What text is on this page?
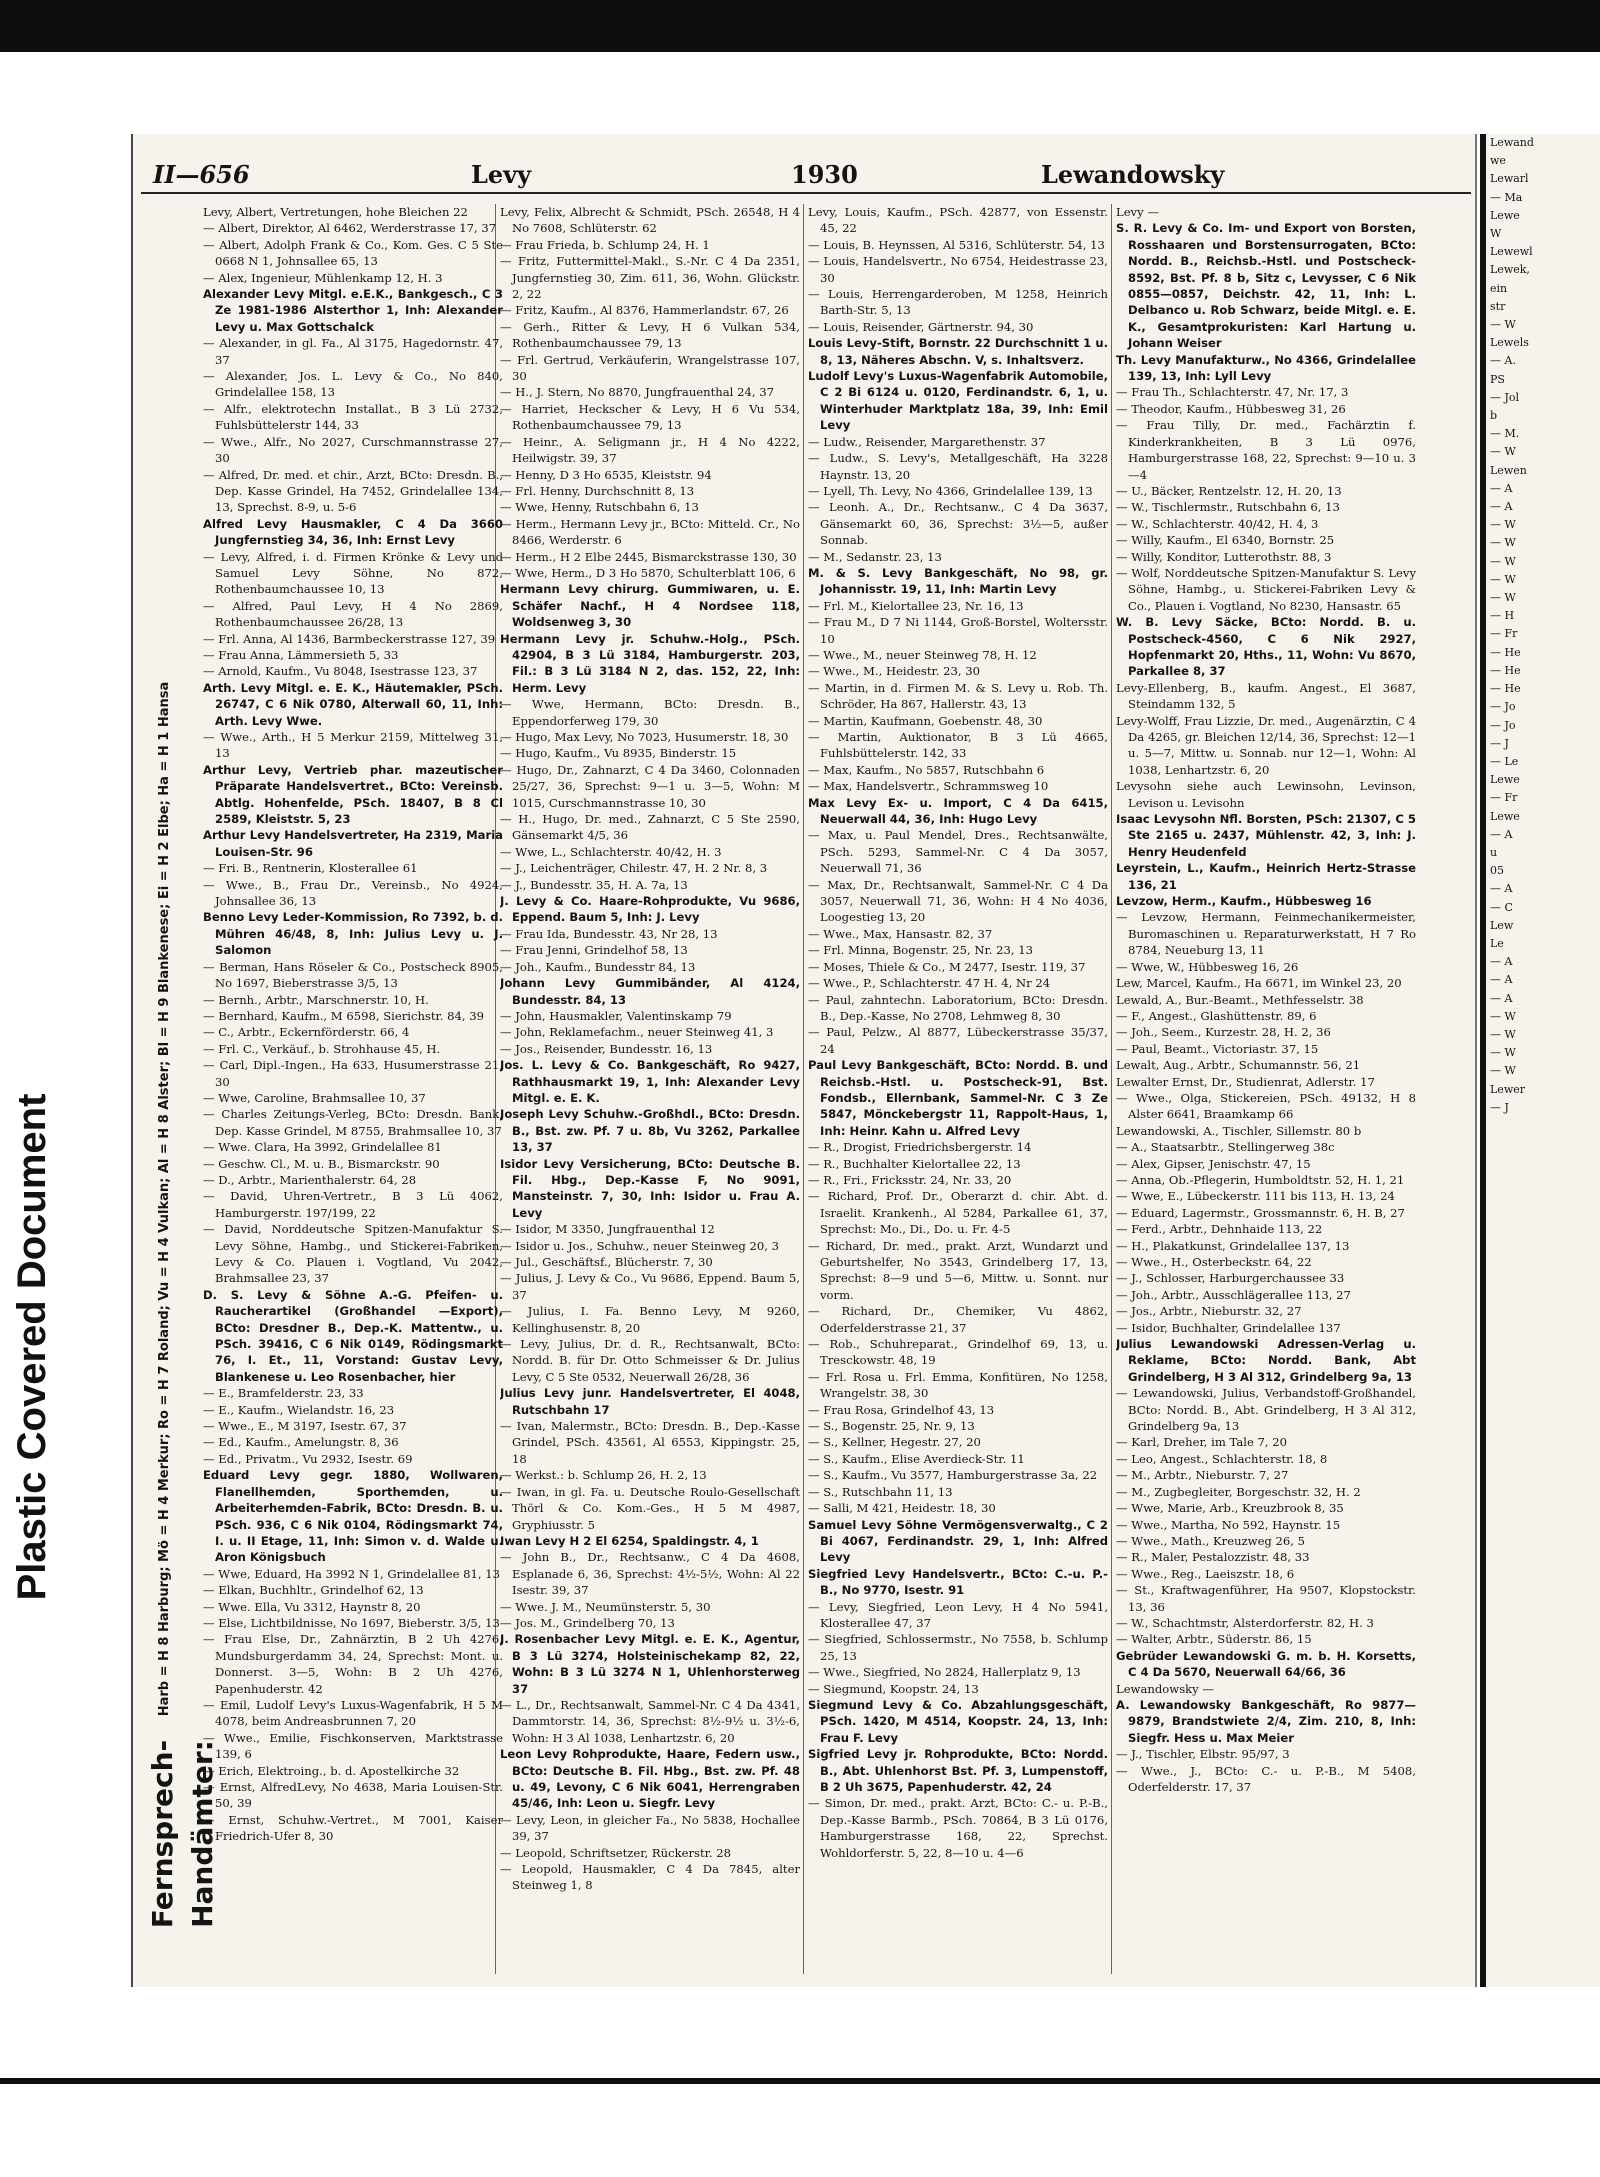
Plastic Covered Document
II—656	Levy	1930	Lewandowsky
Harb = H 8 Harburg; Mö = H 4 Merkur; Ro = H 7 Roland; Vu = H 4 Vulkan; Al = H 8 Alster; Bl = H 9 Blankenese; Ei = H 2 Elbe; Ha = H 1 Hansa
Fernsprech-Handämter:

Levy, Albert, Vertretungen, hohe Bleichen 22

— Albert, Direktor, Al 6462, Werderstrasse 17, 37

— Albert, Adolph Frank & Co., Kom. Ges. C 5 Ste 0668 N 1, Johnsallee 65, 13

— Alex, Ingenieur, Mühlenkamp 12, H. 3

Alexander Levy Mitgl. e.E.K., Bankgesch., C 3 Ze 1981-1986 Alsterthor 1, Inh: Alexander Levy u. Max Gottschalck

— Alexander, in gl. Fa., Al 3175, Hagedornstr. 47, 37

— Alexander, Jos. L. Levy & Co., No 840, Grindelallee 158, 13

— Alfr., elektrotechn Installat., B 3 Lü 2732, Fuhlsbüttelerstr 144, 33

— Wwe., Alfr., No 2027, Curschmannstrasse 27, 30

— Alfred, Dr. med. et chir., Arzt, BCto: Dresdn. B., Dep. Kasse Grindel, Ha 7452, Grindelallee 134, 13, Sprechst. 8-9, u. 5-6

Alfred Levy Hausmakler, C 4 Da 3660 Jungfernstieg 34, 36, Inh: Ernst Levy

— Levy, Alfred, i. d. Firmen Krönke & Levy und Samuel Levy Söhne, No 872, Rothenbaumchaussee 10, 13

— Alfred, Paul Levy, H 4 No 2869, Rothenbaumchaussee 26/28, 13

— Frl. Anna, Al 1436, Barmbeckerstrasse 127, 39

— Frau Anna, Lämmersieth 5, 33

— Arnold, Kaufm., Vu 8048, Isestrasse 123, 37

Arth. Levy Mitgl. e. E. K., Häutemakler, PSch. 26747, C 6 Nik 0780, Alterwall 60, 11, Inh: Arth. Levy Wwe.

— Wwe., Arth., H 5 Merkur 2159, Mittelweg 31, 13

Arthur Levy, Vertrieb phar. mazeutischer Präparate Handelsvertret., BCto: Vereinsb. Abtlg. Hohenfelde, PSch. 18407, B 8 Cl 2589, Kleiststr. 5, 23

Arthur Levy Handelsvertreter, Ha 2319, Maria Louisen-Str. 96

— Fri. B., Rentnerin, Klosterallee 61

— Wwe., B., Frau Dr., Vereinsb., No 4924, Johnsallee 36, 13

Benno Levy Leder-Kommission, Ro 7392, b. d. Mühren 46/48, 8, Inh: Julius Levy u. J. Salomon

— Berman, Hans Röseler & Co., Postscheck 8905, No 1697, Bieberstrasse 3/5, 13

— Bernh., Arbtr., Marschnerstr. 10, H.

— Bernhard, Kaufm., M 6598, Sierichstr. 84, 39

— C., Arbtr., Eckernförderstr. 66, 4

— Frl. C., Verkäuf., b. Strohhause 45, H.

— Carl, Dipl.-Ingen., Ha 633, Husumerstrasse 21, 30

— Wwe, Caroline, Brahmsallee 10, 37

— Charles Zeitungs-Verleg, BCto: Dresdn. Bank, Dep. Kasse Grindel, M 8755, Brahmsallee 10, 37

— Wwe. Clara, Ha 3992, Grindelallee 81

— Geschw. Cl., M. u. B., Bismarckstr. 90

— D., Arbtr., Marienthalerstr. 64, 28

— David, Uhren-Vertretr., B 3 Lü 4062, Hamburgerstr. 197/199, 22

— David, Norddeutsche Spitzen-Manufaktur S. Levy Söhne, Hambg., und Stickerei-Fabriken, Levy & Co. Plauen i. Vogtland, Vu 2042, Brahmsallee 23, 37

D. S. Levy & Söhne A.-G. Pfeifen- u. Raucherartikel (Großhandel —Export), BCto: Dresdner B., Dep.-K. Mattentw., u. PSch. 39416, C 6 Nik 0149, Rödingsmarkt 76, I. Et., 11, Vorstand: Gustav Levy, Blankenese u. Leo Rosenbacher, hier

— E., Bramfelderstr. 23, 33

— E., Kaufm., Wielandstr. 16, 23

— Wwe., E., M 3197, Isestr. 67, 37

— Ed., Kaufm., Amelungstr. 8, 36

— Ed., Privatm., Vu 2932, Isestr. 69

Eduard Levy gegr. 1880, Wollwaren, Flanellhemden, Sporthemden, u. Arbeiterhemden-Fabrik, BCto: Dresdn. B. u. PSch. 936, C 6 Nik 0104, Rödingsmarkt 74, I. u. II Etage, 11, Inh: Simon v. d. Walde u. Aron Königsbuch

— Wwe, Eduard, Ha 3992 N 1, Grindelallee 81, 13

— Elkan, Buchhltr., Grindelhof 62, 13

— Wwe. Ella, Vu 3312, Haynstr 8, 20

— Else, Lichtbildnisse, No 1697, Bieberstr. 3/5, 13

— Frau Else, Dr., Zahnärztin, B 2 Uh 4276, Mundsburgerdamm 34, 24, Sprechst: Mont. u. Donnerst. 3—5, Wohn: B 2 Uh 4276, Papenhuderstr. 42

— Emil, Ludolf Levy's Luxus-Wagenfabrik, H 5 M 4078, beim Andreasbrunnen 7, 20

— Wwe., Emilie, Fischkonserven, Marktstrasse 139, 6

— Erich, Elektroing., b. d. Apostelkirche 32

— Ernst, AlfredLevy, No 4638, Maria Louisen-Str. 50, 39

— Ernst, Schuhw.-Vertret., M 7001, Kaiser Friedrich-Ufer 8, 30

Levy, Felix, Albrecht & Schmidt, PSch. 26548, H 4 No 7608, Schlüterstr. 62

— Frau Frieda, b. Schlump 24, H. 1

— Fritz, Futtermittel-Makl., S.-Nr. C 4 Da 2351, Jungfernstieg 30, Zim. 611, 36, Wohn. Glückstr. 2, 22

— Fritz, Kaufm., Al 8376, Hammerlandstr. 67, 26

— Gerh., Ritter & Levy, H 6 Vulkan 534, Rothenbaumchaussee 79, 13

— Frl. Gertrud, Verkäuferin, Wrangelstrasse 107, 30

— H., J. Stern, No 8870, Jungfrauenthal 24, 37

— Harriet, Heckscher & Levy, H 6 Vu 534, Rothenbaumchaussee 79, 13

— Heinr., A. Seligmann jr., H 4 No 4222, Heilwigstr. 39, 37

— Henny, D 3 Ho 6535, Kleiststr. 94

— Frl. Henny, Durchschnitt 8, 13

— Wwe, Henny, Rutschbahn 6, 13

— Herm., Hermann Levy jr., BCto: Mitteld. Cr., No 8466, Werderstr. 6

— Herm., H 2 Elbe 2445, Bismarckstrasse 130, 30

— Wwe, Herm., D 3 Ho 5870, Schulterblatt 106, 6

Hermann Levy chirurg. Gummiwaren, u. E. Schäfer Nachf., H 4 Nordsee 118, Woldsenweg 3, 30

Hermann Levy jr. Schuhw.-Holg., PSch. 42904, B 3 Lü 3184, Hamburgerstr. 203, Fil.: B 3 Lü 3184 N 2, das. 152, 22, Inh: Herm. Levy

— Wwe, Hermann, BCto: Dresdn. B., Eppendorferweg 179, 30

— Hugo, Max Levy, No 7023, Husumerstr. 18, 30

— Hugo, Kaufm., Vu 8935, Binderstr. 15

— Hugo, Dr., Zahnarzt, C 4 Da 3460, Colonnaden 25/27, 36, Sprechst: 9—1 u. 3—5, Wohn: M 1015, Curschmannstrasse 10, 30

— H., Hugo, Dr. med., Zahnarzt, C 5 Ste 2590, Gänsemarkt 4/5, 36

— Wwe, L., Schlachterstr. 40/42, H. 3

— J., Leichenträger, Chilestr. 47, H. 2 Nr. 8, 3

— J., Bundesstr. 35, H. A. 7a, 13

J. Levy & Co. Haare-Rohprodukte, Vu 9686, Eppend. Baum 5, Inh: J. Levy

— Frau Ida, Bundesstr. 43, Nr 28, 13

— Frau Jenni, Grindelhof 58, 13

— Joh., Kaufm., Bundesstr 84, 13

Johann Levy Gummibänder, Al 4124, Bundesstr. 84, 13

— John, Hausmakler, Valentinskamp 79

— John, Reklamefachm., neuer Steinweg 41, 3

— Jos., Reisender, Bundesstr. 16, 13

Jos. L. Levy & Co. Bankgeschäft, Ro 9427, Rathhausmarkt 19, 1, Inh: Alexander Levy Mitgl. e. E. K.

Joseph Levy Schuhw.-Großhdl., BCto: Dresdn. B., Bst. zw. Pf. 7 u. 8b, Vu 3262, Parkallee 13, 37

Isidor Levy Versicherung, BCto: Deutsche B. Fil. Hbg., Dep.-Kasse F, No 9091, Mansteinstr. 7, 30, Inh: Isidor u. Frau A. Levy

— Isidor, M 3350, Jungfrauenthal 12

— Isidor u. Jos., Schuhw., neuer Steinweg 20, 3

— Jul., Geschäftsf., Blücherstr. 7, 30

— Julius, J. Levy & Co., Vu 9686, Eppend. Baum 5, 37

— Julius, I. Fa. Benno Levy, M 9260, Kellinghusenstr. 8, 20

— Levy, Julius, Dr. d. R., Rechtsanwalt, BCto: Nordd. B. für Dr. Otto Schmeisser & Dr. Julius Levy, C 5 Ste 0532, Neuerwall 26/28, 36

Julius Levy junr. Handelsvertreter, El 4048, Rutschbahn 17

— Ivan, Malermstr., BCto: Dresdn. B., Dep.-Kasse Grindel, PSch. 43561, Al 6553, Kippingstr. 25, 18

— Werkst.: b. Schlump 26, H. 2, 13

— Iwan, in gl. Fa. u. Deutsche Roulo-Gesellschaft Thörl & Co. Kom.-Ges., H 5 M 4987, Gryphiusstr. 5

Iwan Levy H 2 El 6254, Spaldingstr. 4, 1

— John B., Dr., Rechtsanw., C 4 Da 4608, Esplanade 6, 36, Sprechst: 4½-5½, Wohn: Al 22 Isestr. 39, 37

— Wwe. J. M., Neumünsterstr. 5, 30

— Jos. M., Grindelberg 70, 13

J. Rosenbacher Levy Mitgl. e. E. K., Agentur, B 3 Lü 3274, Holsteinischekamp 82, 22, Wohn: B 3 Lü 3274 N 1, Uhlenhorsterweg 37

— L., Dr., Rechtsanwalt, Sammel-Nr. C 4 Da 4341, Dammtorstr. 14, 36, Sprechst: 8½-9½ u. 3½-6, Wohn: H 3 Al 1038, Lenhartzstr. 6, 20

Leon Levy Rohprodukte, Haare, Federn usw., BCto: Deutsche B. Fil. Hbg., Bst. zw. Pf. 48 u. 49, Levony, C 6 Nik 6041, Herrengraben 45/46, Inh: Leon u. Siegfr. Levy

— Levy, Leon, in gleicher Fa., No 5838, Hochallee 39, 37

— Leopold, Schriftsetzer, Rückerstr. 28

— Leopold, Hausmakler, C 4 Da 7845, alter Steinweg 1, 8

Levy, Louis, Kaufm., PSch. 42877, von Essenstr. 45, 22

— Louis, B. Heynssen, Al 5316, Schlüterstr. 54, 13

— Louis, Handelsvertr., No 6754, Heidestrasse 23, 30

— Louis, Herrengarderoben, M 1258, Heinrich Barth-Str. 5, 13

— Louis, Reisender, Gärtnerstr. 94, 30

Louis Levy-Stift, Bornstr. 22 Durchschnitt 1 u. 8, 13, Näheres Abschn. V, s. Inhaltsverz.

Ludolf Levy's Luxus-Wagenfabrik Automobile, C 2 Bi 6124 u. 0120, Ferdinandstr. 6, 1, u. Winterhuder Marktplatz 18a, 39, Inh: Emil Levy

— Ludw., Reisender, Margarethenstr. 37

— Ludw., S. Levy's, Metallgeschäft, Ha 3228 Haynstr. 13, 20

— Lyell, Th. Levy, No 4366, Grindelallee 139, 13

— Leonh. A., Dr., Rechtsanw., C 4 Da 3637, Gänsemarkt 60, 36, Sprechst: 3½—5, außer Sonnab.

— M., Sedanstr. 23, 13

M. & S. Levy Bankgeschäft, No 98, gr. Johannisstr. 19, 11, Inh: Martin Levy

— Frl. M., Kielortallee 23, Nr. 16, 13

— Frau M., D 7 Ni 1144, Groß-Borstel, Woltersstr. 10

— Wwe., M., neuer Steinweg 78, H. 12

— Wwe., M., Heidestr. 23, 30

— Martin, in d. Firmen M. & S. Levy u. Rob. Th. Schröder, Ha 867, Hallerstr. 43, 13

— Martin, Kaufmann, Goebenstr. 48, 30

— Martin, Auktionator, B 3 Lü 4665, Fuhlsbüttelerstr. 142, 33

— Max, Kaufm., No 5857, Rutschbahn 6

— Max, Handelsvertr., Schrammsweg 10

Max Levy Ex- u. Import, C 4 Da 6415, Neuerwall 44, 36, Inh: Hugo Levy

— Max, u. Paul Mendel, Dres., Rechtsanwälte, PSch. 5293, Sammel-Nr. C 4 Da 3057, Neuerwall 71, 36

— Max, Dr., Rechtsanwalt, Sammel-Nr. C 4 Da 3057, Neuerwall 71, 36, Wohn: H 4 No 4036, Loogestieg 13, 20

— Wwe., Max, Hansastr. 82, 37

— Frl. Minna, Bogenstr. 25, Nr. 23, 13

— Moses, Thiele & Co., M 2477, Isestr. 119, 37

— Wwe., P., Schlachterstr. 47 H. 4, Nr 24

— Paul, zahntechn. Laboratorium, BCto: Dresdn. B., Dep.-Kasse, No 2708, Lehmweg 8, 30

— Paul, Pelzw., Al 8877, Lübeckerstrasse 35/37, 24

Paul Levy Bankgeschäft, BCto: Nordd. B. und Reichsb.-Hstl. u. Postscheck-91, Bst. Fondsb., Ellernbank, Sammel-Nr. C 3 Ze 5847, Mönckebergstr 11, Rappolt-Haus, 1, Inh: Heinr. Kahn u. Alfred Levy

— R., Drogist, Friedrichsbergerstr. 14

— R., Buchhalter Kielortallee 22, 13

— R., Fri., Fricksstr. 24, Nr. 33, 20

— Richard, Prof. Dr., Oberarzt d. chir. Abt. d. Israelit. Krankenh., Al 5284, Parkallee 61, 37, Sprechst: Mo., Di., Do. u. Fr. 4-5

— Richard, Dr. med., prakt. Arzt, Wundarzt und Geburtshelfer, No 3543, Grindelberg 17, 13, Sprechst: 8—9 und 5—6, Mittw. u. Sonnt. nur vorm.

— Richard, Dr., Chemiker, Vu 4862, Oderfelderstrasse 21, 37

— Rob., Schuhreparat., Grindelhof 69, 13, u. Tresckowstr. 48, 19

— Frl. Rosa u. Frl. Emma, Konfitüren, No 1258, Wrangelstr. 38, 30

— Frau Rosa, Grindelhof 43, 13

— S., Bogenstr. 25, Nr. 9, 13

— S., Kellner, Hegestr. 27, 20

— S., Kaufm., Elise Averdieck-Str. 11

— S., Kaufm., Vu 3577, Hamburgerstrasse 3a, 22

— S., Rutschbahn 11, 13

— Salli, M 421, Heidestr. 18, 30

Samuel Levy Söhne Vermögensverwaltg., C 2 Bi 4067, Ferdinandstr. 29, 1, Inh: Alfred Levy

Siegfried Levy Handelsvertr., BCto: C.-u. P.-B., No 9770, Isestr. 91

— Levy, Siegfried, Leon Levy, H 4 No 5941, Klosterallee 47, 37

— Siegfried, Schlossermstr., No 7558, b. Schlump 25, 13

— Wwe., Siegfried, No 2824, Hallerplatz 9, 13

— Siegmund, Koopstr. 24, 13

Siegmund Levy & Co. Abzahlungsgeschäft, PSch. 1420, M 4514, Koopstr. 24, 13, Inh: Frau F. Levy

Sigfried Levy jr. Rohprodukte, BCto: Nordd. B., Abt. Uhlenhorst Bst. Pf. 3, Lumpenstoff, B 2 Uh 3675, Papenhuderstr. 42, 24

— Simon, Dr. med., prakt. Arzt, BCto: C.- u. P.-B., Dep.-Kasse Barmb., PSch. 70864, B 3 Lü 0176, Hamburgerstrasse 168, 22, Sprechst. Wohldorferstr. 5, 22, 8—10 u. 4—6

Levy —

S. R. Levy & Co. Im- und Export von Borsten, Rosshaaren und Borstensurrogaten, BCto: Nordd. B., Reichsb.-Hstl. und Postscheck-8592, Bst. Pf. 8 b, Sitz c, Levysser, C 6 Nik 0855—0857, Deichstr. 42, 11, Inh: L. Delbanco u. Rob Schwarz, beide Mitgl. e. E. K., Gesamtprokuristen: Karl Hartung u. Johann Weiser

Th. Levy Manufakturw., No 4366, Grindelallee 139, 13, Inh: Lyll Levy

— Frau Th., Schlachterstr. 47, Nr. 17, 3

— Theodor, Kaufm., Hübbesweg 31, 26

— Frau Tilly, Dr. med., Fachärztin f. Kinderkrankheiten, B 3 Lü 0976, Hamburgerstrasse 168, 22, Sprechst: 9—10 u. 3—4

— U., Bäcker, Rentzelstr. 12, H. 20, 13

— W., Tischlermstr., Rutschbahn 6, 13

— W., Schlachterstr. 40/42, H. 4, 3

— Willy, Kaufm., El 6340, Bornstr. 25

— Willy, Konditor, Lutterothstr. 88, 3

— Wolf, Norddeutsche Spitzen-Manufaktur S. Levy Söhne, Hambg., u. Stickerei-Fabriken Levy & Co., Plauen i. Vogtland, No 8230, Hansastr. 65

W. B. Levy Säcke, BCto: Nordd. B. u. Postscheck-4560, C 6 Nik 2927, Hopfenmarkt 20, Hths., 11, Wohn: Vu 8670, Parkallee 8, 37

Levy-Ellenberg, B., kaufm. Angest., El 3687, Steindamm 132, 5

Levy-Wolff, Frau Lizzie, Dr. med., Augenärztin, C 4 Da 4265, gr. Bleichen 12/14, 36, Sprechst: 12—1 u. 5—7, Mittw. u. Sonnab. nur 12—1, Wohn: Al 1038, Lenhartzstr. 6, 20

Levysohn siehe auch Lewinsohn, Levinson, Levison u. Levisohn

Isaac Levysohn Nfl. Borsten, PSch: 21307, C 5 Ste 2165 u. 2437, Mühlenstr. 42, 3, Inh: J. Henry Heudenfeld

Leyrstein, L., Kaufm., Heinrich Hertz-Strasse 136, 21

Levzow, Herm., Kaufm., Hübbesweg 16

— Levzow, Hermann, Feinmechanikermeister, Buromaschinen u. Reparaturwerkstatt, H 7 Ro 8784, Neueburg 13, 11

— Wwe, W., Hübbesweg 16, 26

Lew, Marcel, Kaufm., Ha 6671, im Winkel 23, 20

Lewald, A., Bur.-Beamt., Methfesselstr. 38

— F., Angest., Glashüttenstr. 89, 6

— Joh., Seem., Kurzestr. 28, H. 2, 36

— Paul, Beamt., Victoriastr. 37, 15

Lewalt, Aug., Arbtr., Schumannstr. 56, 21

Lewalter Ernst, Dr., Studienrat, Adlerstr. 17

— Wwe., Olga, Stickereien, PSch. 49132, H 8 Alster 6641, Braamkamp 66

Lewandowski, A., Tischler, Sillemstr. 80 b

— A., Staatsarbtr., Stellingerweg 38c

— Alex, Gipser, Jenischstr. 47, 15

— Anna, Ob.-Pflegerin, Humboldtstr. 52, H. 1, 21

— Wwe, E., Lübeckerstr. 111 bis 113, H. 13, 24

— Eduard, Lagermstr., Grossmannstr. 6, H. B, 27

— Ferd., Arbtr., Dehnhaide 113, 22

— H., Plakatkunst, Grindelallee 137, 13

— Wwe., H., Osterbeckstr. 64, 22

— J., Schlosser, Harburgerchaussee 33

— Joh., Arbtr., Ausschlägerallee 113, 27

— Jos., Arbtr., Nieburstr. 32, 27

— Isidor, Buchhalter, Grindelallee 137

Julius Lewandowski Adressen-Verlag u. Reklame, BCto: Nordd. Bank, Abt Grindelberg, H 3 Al 312, Grindelberg 9a, 13

— Lewandowski, Julius, Verbandstoff-Großhandel, BCto: Nordd. B., Abt. Grindelberg, H 3 Al 312, Grindelberg 9a, 13

— Karl, Dreher, im Tale 7, 20

— Leo, Angest., Schlachterstr. 18, 8

— M., Arbtr., Nieburstr. 7, 27

— M., Zugbegleiter, Borgeschstr. 32, H. 2

— Wwe, Marie, Arb., Kreuzbrook 8, 35

— Wwe., Martha, No 592, Haynstr. 15

— Wwe., Math., Kreuzweg 26, 5

— R., Maler, Pestalozzistr. 48, 33

— Wwe., Reg., Laeiszstr. 18, 6

— St., Kraftwagenführer, Ha 9507, Klopstockstr. 13, 36

— W., Schachtmstr, Alsterdorferstr. 82, H. 3

— Walter, Arbtr., Süderstr. 86, 15

Gebrüder Lewandowski G. m. b. H. Korsetts, C 4 Da 5670, Neuerwall 64/66, 36

Lewandowsky —

A. Lewandowsky Bankgeschäft, Ro 9877—9879, Brandstwiete 2/4, Zim. 210, 8, Inh: Siegfr. Hess u. Max Meier

— J., Tischler, Elbstr. 95/97, 3

— Wwe., J., BCto: C.- u. P.-B., M 5408, Oderfelderstr. 17, 37

Lewand
we
Lewarl
— Ma
Lewe
W
Lewewl
Lewek,
ein
str
— W
Lewels
— A.
PS
— Jol
b
— M.
— W
Lewen
— A
— A
— W
— W
— W
— W
— W
— H
— Fr
— He
— He
— He
— Jo
— Jo
— J
— Le
Lewe
— Fr
Lewe
— A
u
05
— A
— C
Lew
Le
— A
— A
— A
— W
— W
— W
— W
Lewer
— J
